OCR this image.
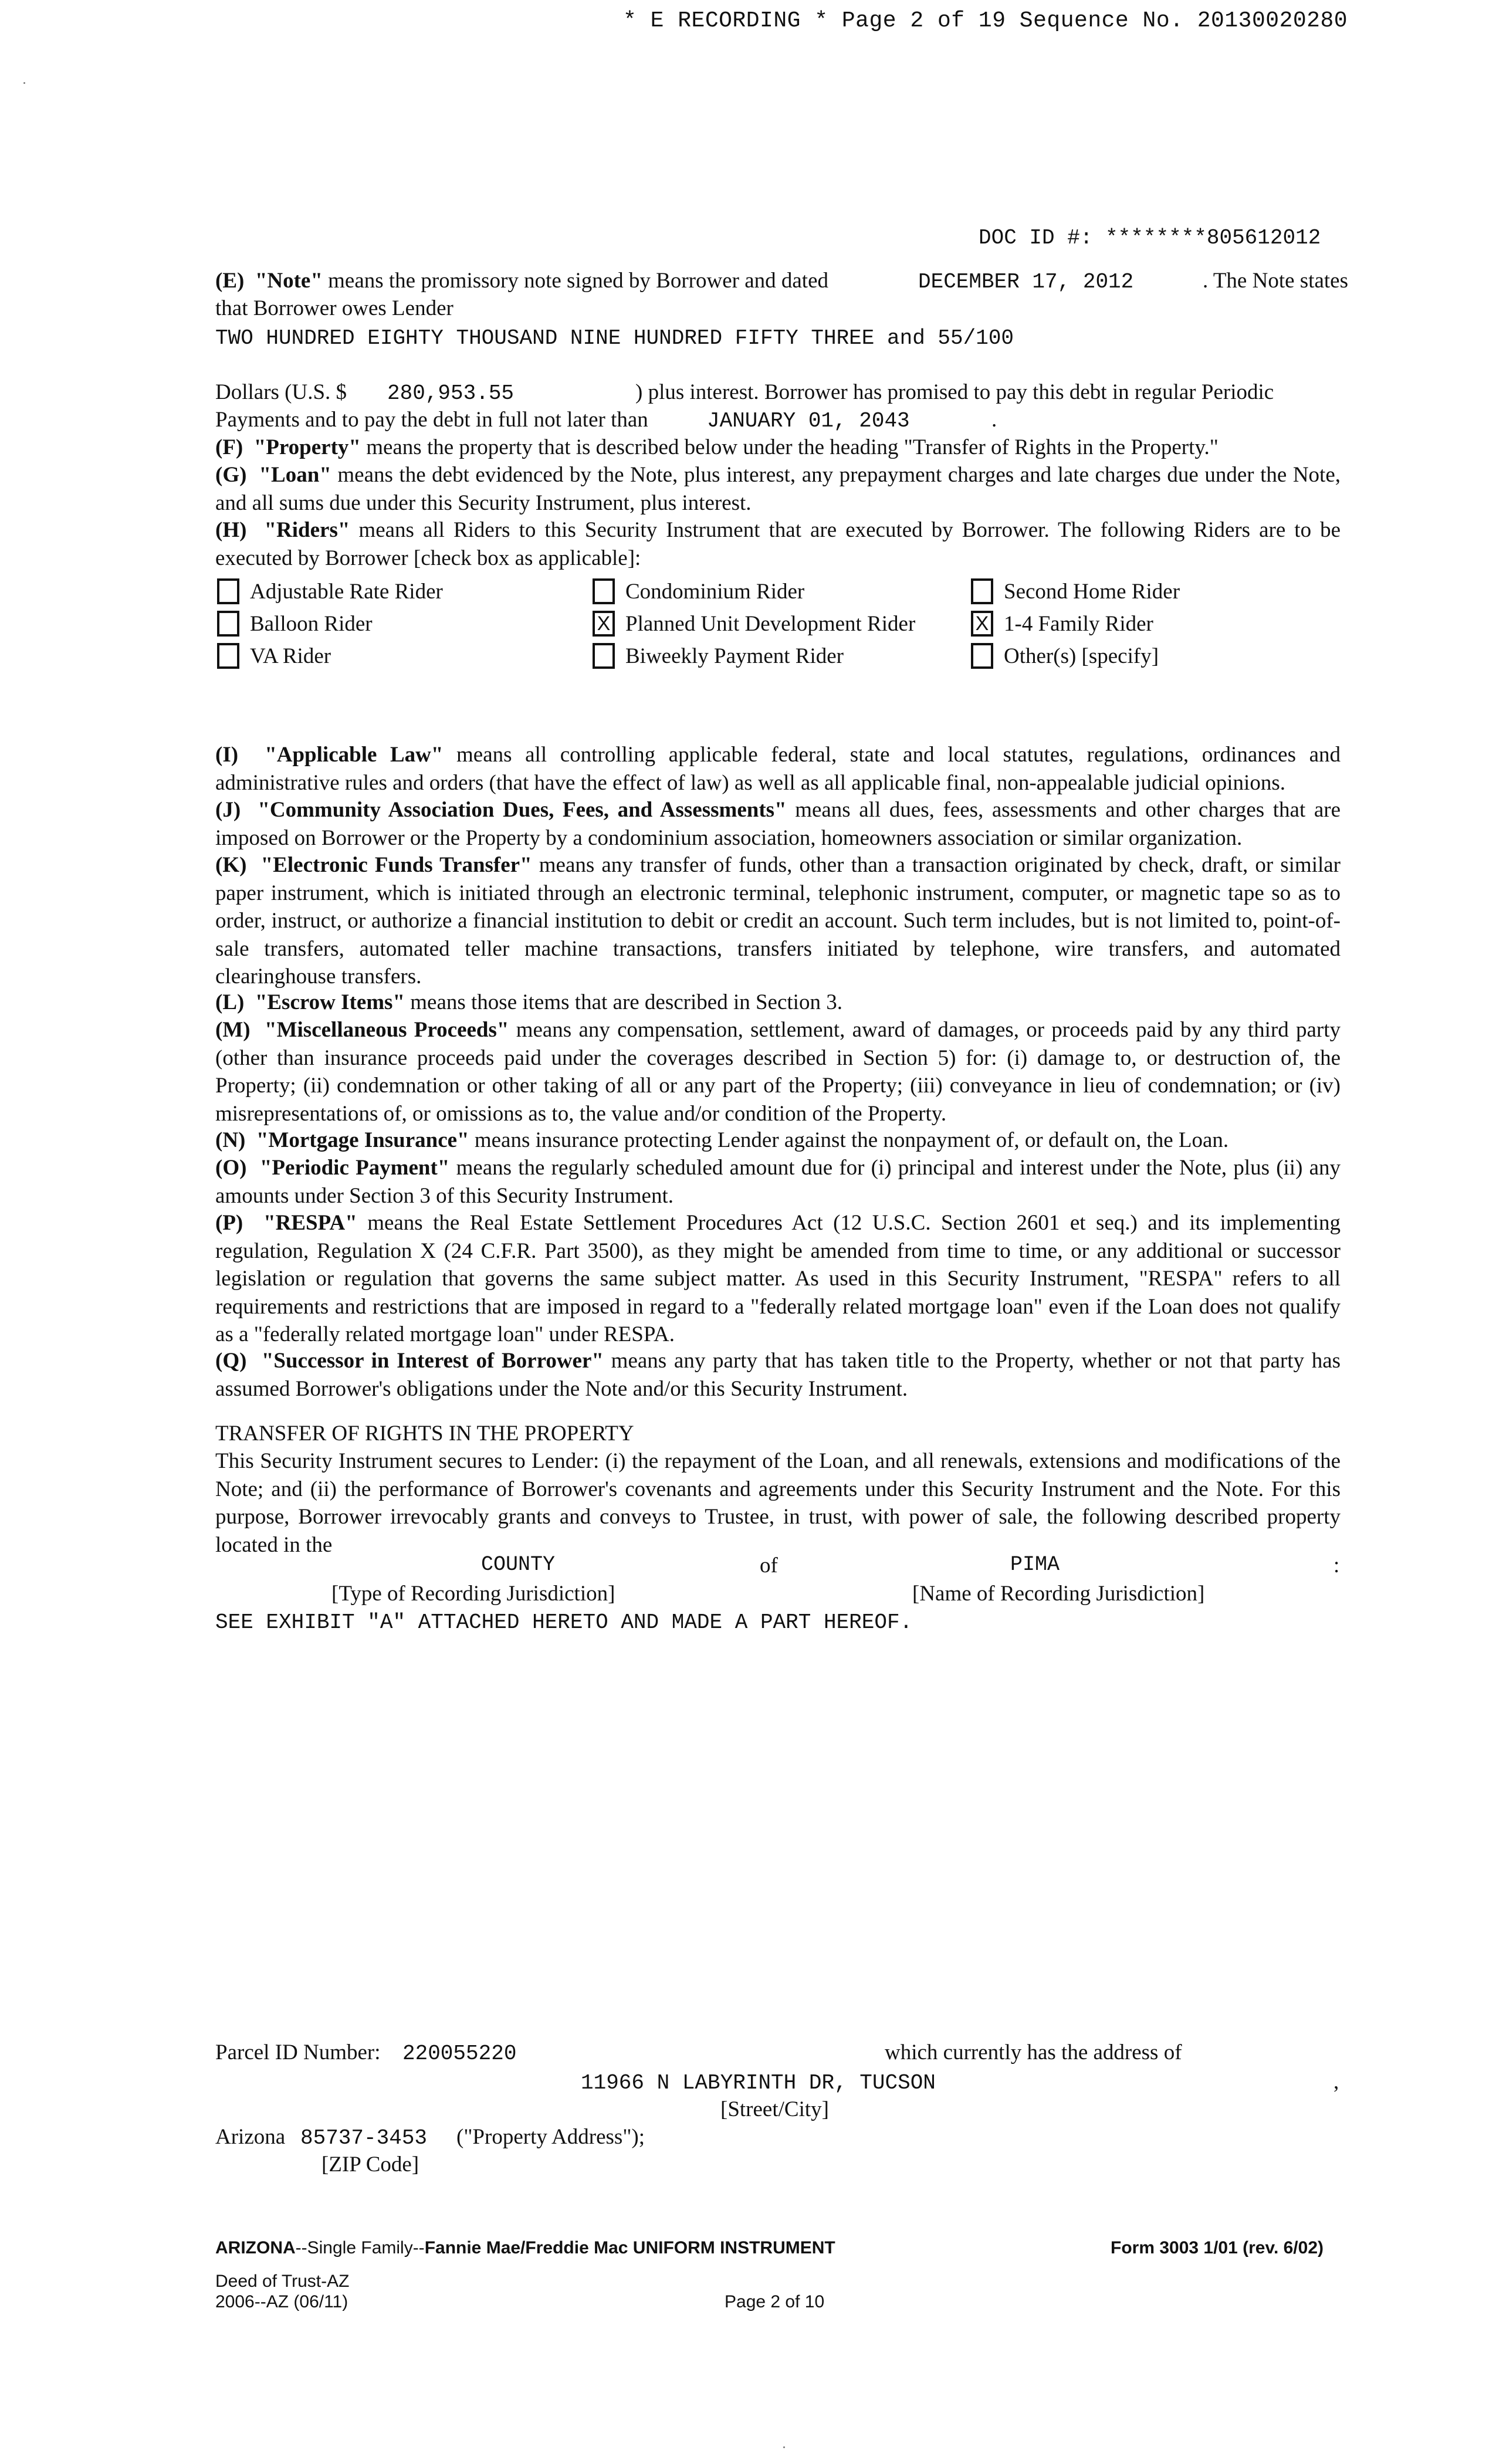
* E RECORDING * Page 2 of 19 Sequence No. 20130020280
DOC ID #: ********805612012
(E) "Note" means the promissory note signed by Borrower and dated	DECEMBER 17, 2012	. The Note states
that Borrower owes Lender
TWO HUNDRED EIGHTY THOUSAND NINE HUNDRED FIFTY THREE and 55/100
Dollars (U.S. $ 280,953.55	) plus interest. Borrower has promised to pay this debt in regular Periodic
Payments and to pay the debt in full not later than	JANUARY 01, 2043	.
(F) "Property" means the property that is described below under the heading "Transfer of Rights in the Property."
(G) "Loan" means the debt evidenced by the Note, plus interest, any prepayment charges and late charges due under the Note, and all sums due under this Security Instrument, plus interest.
(H) "Riders" means all Riders to this Security Instrument that are executed by Borrower. The following Riders are to be executed by Borrower [check box as applicable]:
Adjustable Rate Rider	Condominium Rider	Second Home Rider
Balloon Rider	X Planned Unit Development Rider	X 1-4 Family Rider
VA Rider	Biweekly Payment Rider	Other(s) [specify]
(I) "Applicable Law" means all controlling applicable federal, state and local statutes, regulations, ordinances and administrative rules and orders (that have the effect of law) as well as all applicable final, non-appealable judicial opinions.
(J) "Community Association Dues, Fees, and Assessments" means all dues, fees, assessments and other charges that are imposed on Borrower or the Property by a condominium association, homeowners association or similar organization.
(K) "Electronic Funds Transfer" means any transfer of funds, other than a transaction originated by check, draft, or similar paper instrument, which is initiated through an electronic terminal, telephonic instrument, computer, or magnetic tape so as to order, instruct, or authorize a financial institution to debit or credit an account. Such term includes, but is not limited to, point-of-sale transfers, automated teller machine transactions, transfers initiated by telephone, wire transfers, and automated clearinghouse transfers.
(L) "Escrow Items" means those items that are described in Section 3.
(M) "Miscellaneous Proceeds" means any compensation, settlement, award of damages, or proceeds paid by any third party (other than insurance proceeds paid under the coverages described in Section 5) for: (i) damage to, or destruction of, the Property; (ii) condemnation or other taking of all or any part of the Property; (iii) conveyance in lieu of condemnation; or (iv) misrepresentations of, or omissions as to, the value and/or condition of the Property.
(N) "Mortgage Insurance" means insurance protecting Lender against the nonpayment of, or default on, the Loan.
(O) "Periodic Payment" means the regularly scheduled amount due for (i) principal and interest under the Note, plus (ii) any amounts under Section 3 of this Security Instrument.
(P) "RESPA" means the Real Estate Settlement Procedures Act (12 U.S.C. Section 2601 et seq.) and its implementing regulation, Regulation X (24 C.F.R. Part 3500), as they might be amended from time to time, or any additional or successor legislation or regulation that governs the same subject matter. As used in this Security Instrument, "RESPA" refers to all requirements and restrictions that are imposed in regard to a "federally related mortgage loan" even if the Loan does not qualify as a "federally related mortgage loan" under RESPA.
(Q) "Successor in Interest of Borrower" means any party that has taken title to the Property, whether or not that party has assumed Borrower's obligations under the Note and/or this Security Instrument.
TRANSFER OF RIGHTS IN THE PROPERTY
This Security Instrument secures to Lender: (i) the repayment of the Loan, and all renewals, extensions and modifications of the Note; and (ii) the performance of Borrower's covenants and agreements under this Security Instrument and the Note. For this purpose, Borrower irrevocably grants and conveys to Trustee, in trust, with power of sale, the following described property located in the
COUNTY	of	PIMA	:
[Type of Recording Jurisdiction]	[Name of Recording Jurisdiction]
SEE EXHIBIT "A" ATTACHED HERETO AND MADE A PART HEREOF.
Parcel ID Number: 220055220	which currently has the address of
11966 N LABYRINTH DR, TUCSON	,
[Street/City]
Arizona 85737-3453 ("Property Address");
[ZIP Code]
ARIZONA--Single Family--Fannie Mae/Freddie Mac UNIFORM INSTRUMENT	Form 3003 1/01 (rev. 6/02)
Deed of Trust-AZ
2006--AZ (06/11)	Page 2 of 10
